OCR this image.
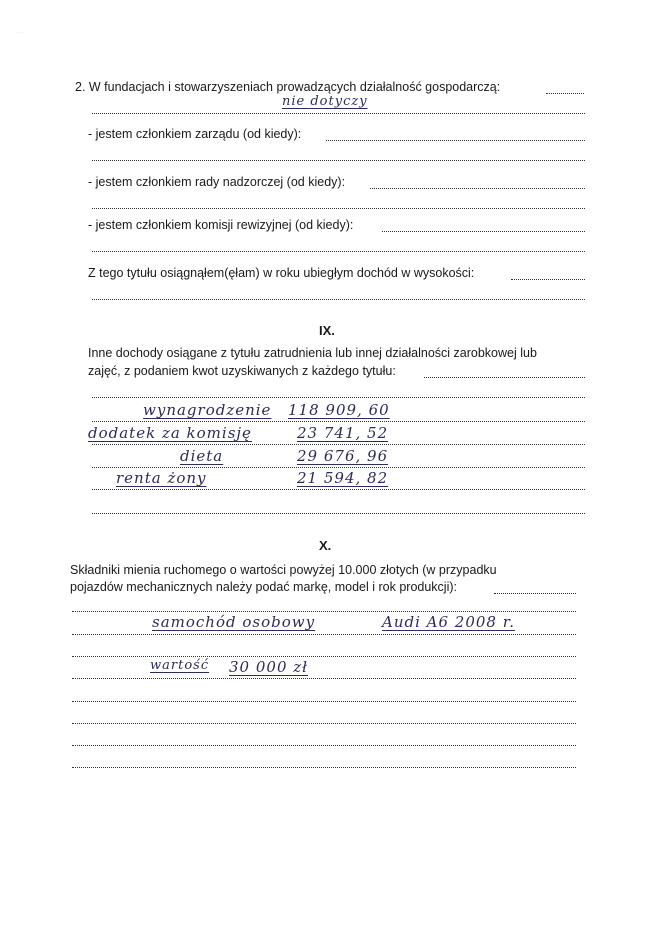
· ·
2. W fundacjach i stowarzyszeniach prowadzących działalność gospodarczą:
nie dotyczy
- jestem członkiem zarządu (od kiedy):
- jestem członkiem rady nadzorczej (od kiedy):
- jestem członkiem komisji rewizyjnej (od kiedy):
Z tego tytułu osiągnąłem(ęłam) w roku ubiegłym dochód w wysokości:
IX.
Inne dochody osiągane z tytułu zatrudnienia lub innej działalności zarobkowej lub
zajęć, z podaniem kwot uzyskiwanych z każdego tytułu:
wynagrodzenie 118 909, 60
dodatek za komisję	23 741, 52
dieta	29 676, 96
renta żony	21 594, 82
X.
Składniki mienia ruchomego o wartości powyżej 10.000 złotych (w przypadku
pojazdów mechanicznych należy podać markę, model i rok produkcji):
samochód osobowy	Audi A6 2008 r.
wartość 30 000 zł
